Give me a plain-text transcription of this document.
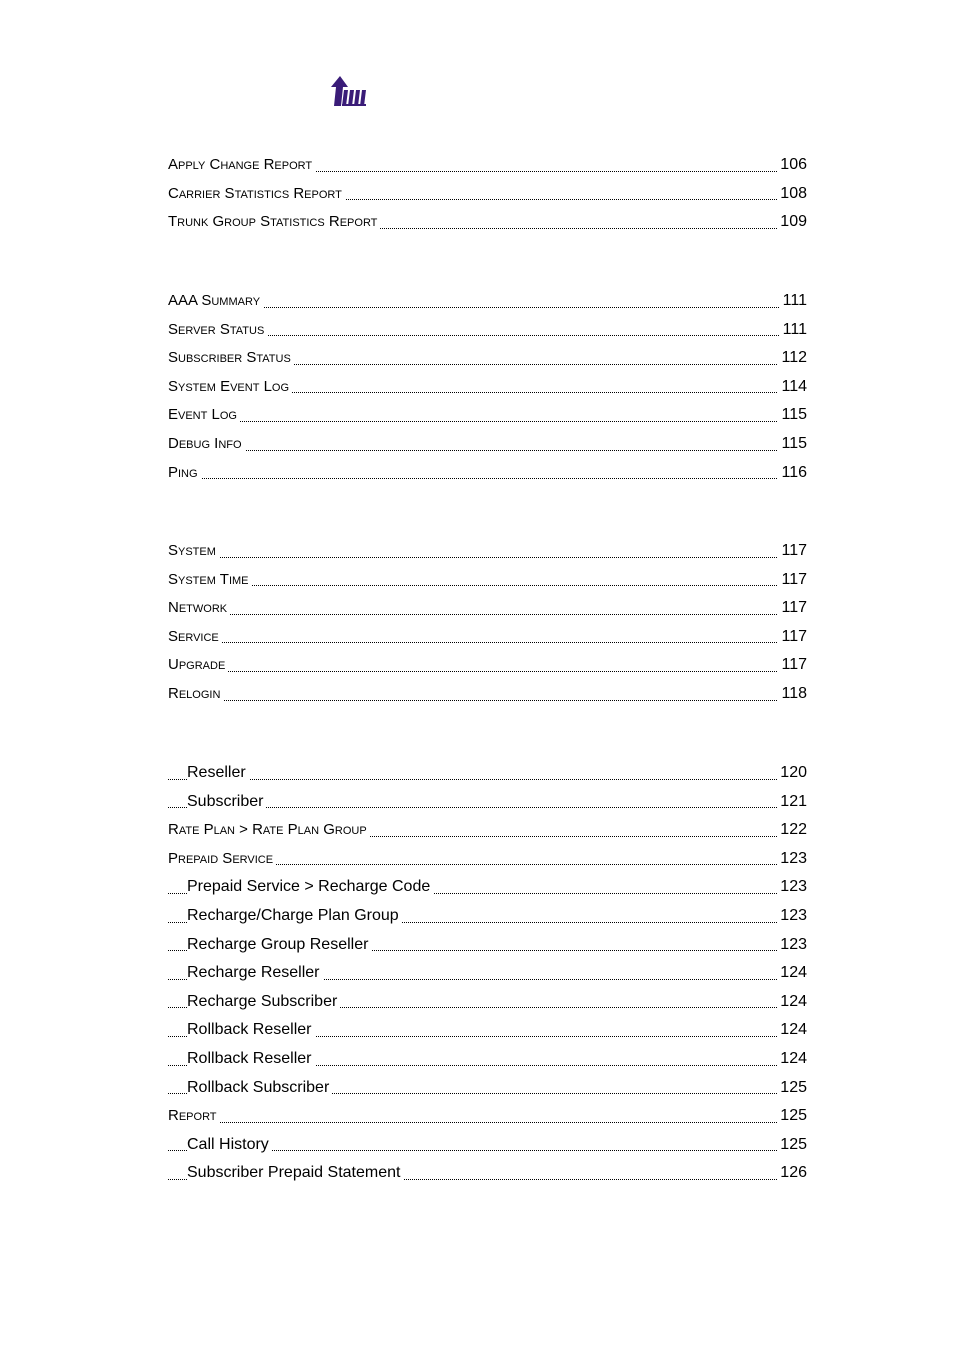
Apply Change Report	106
Carrier Statistics Report	108
Trunk Group Statistics Report	109
AAA Summary	111
Server Status	111
Subscriber Status	112
System Event Log	114
Event Log	115
Debug Info	115
Ping	116
System	117
System Time	117
Network	117
Service	117
Upgrade	117
Relogin	118
Reseller	120
Subscriber	121
Rate Plan > Rate Plan Group	122
Prepaid Service	123
Prepaid Service > Recharge Code	123
Recharge/Charge Plan Group	123
Recharge Group Reseller	123
Recharge Reseller	124
Recharge Subscriber	124
Rollback Reseller	124
Rollback Reseller	124
Rollback Subscriber	125
Report	125
Call History	125
Subscriber Prepaid Statement	126
